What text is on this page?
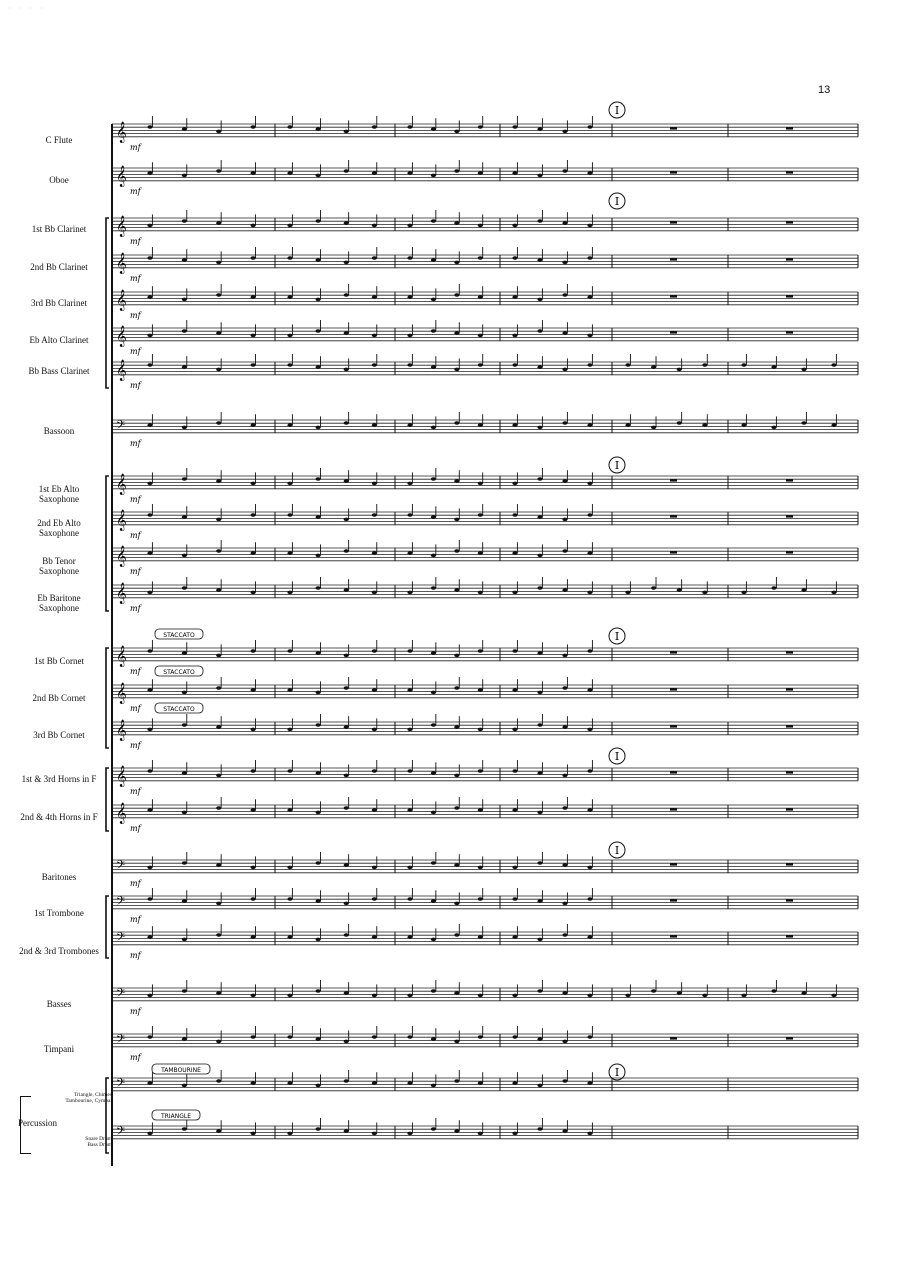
· · · ·
13
𝄞
𝄞
𝄞
𝄞
𝄞
𝄞
𝄞
𝄢
𝄞
𝄞
𝄞
𝄞
𝄞
𝄞
𝄞
𝄞
𝄞
𝄢
𝄢
𝄢
𝄢
𝄢
𝄢
𝄢
I
I
I
I
I
I
I
STACCATO
STACCATO
STACCATO
TAMBOURINE
TRIANGLE
mf
mf
mf
mf
mf
mf
mf
mf
mf
mf
mf
mf
mf
mf
mf
mf
mf
mf
mf
mf
mf
mf
C Flute
Oboe
1st Bb Clarinet
2nd Bb Clarinet
3rd Bb Clarinet
Eb Alto Clarinet
Bb Bass Clarinet
Bassoon
1st Eb Alto
Saxophone
2nd Eb Alto
Saxophone
Bb Tenor
Saxophone
Eb Baritone
Saxophone
1st Bb Cornet
2nd Bb Cornet
3rd Bb Cornet
1st & 3rd Horns in F
2nd & 4th Horns in F
Baritones
1st Trombone
2nd & 3rd Trombones
Basses
Timpani
Percussion
Triangle, Chimes
Tambourine, Cymbal
Snare Drum
Bass Drum
